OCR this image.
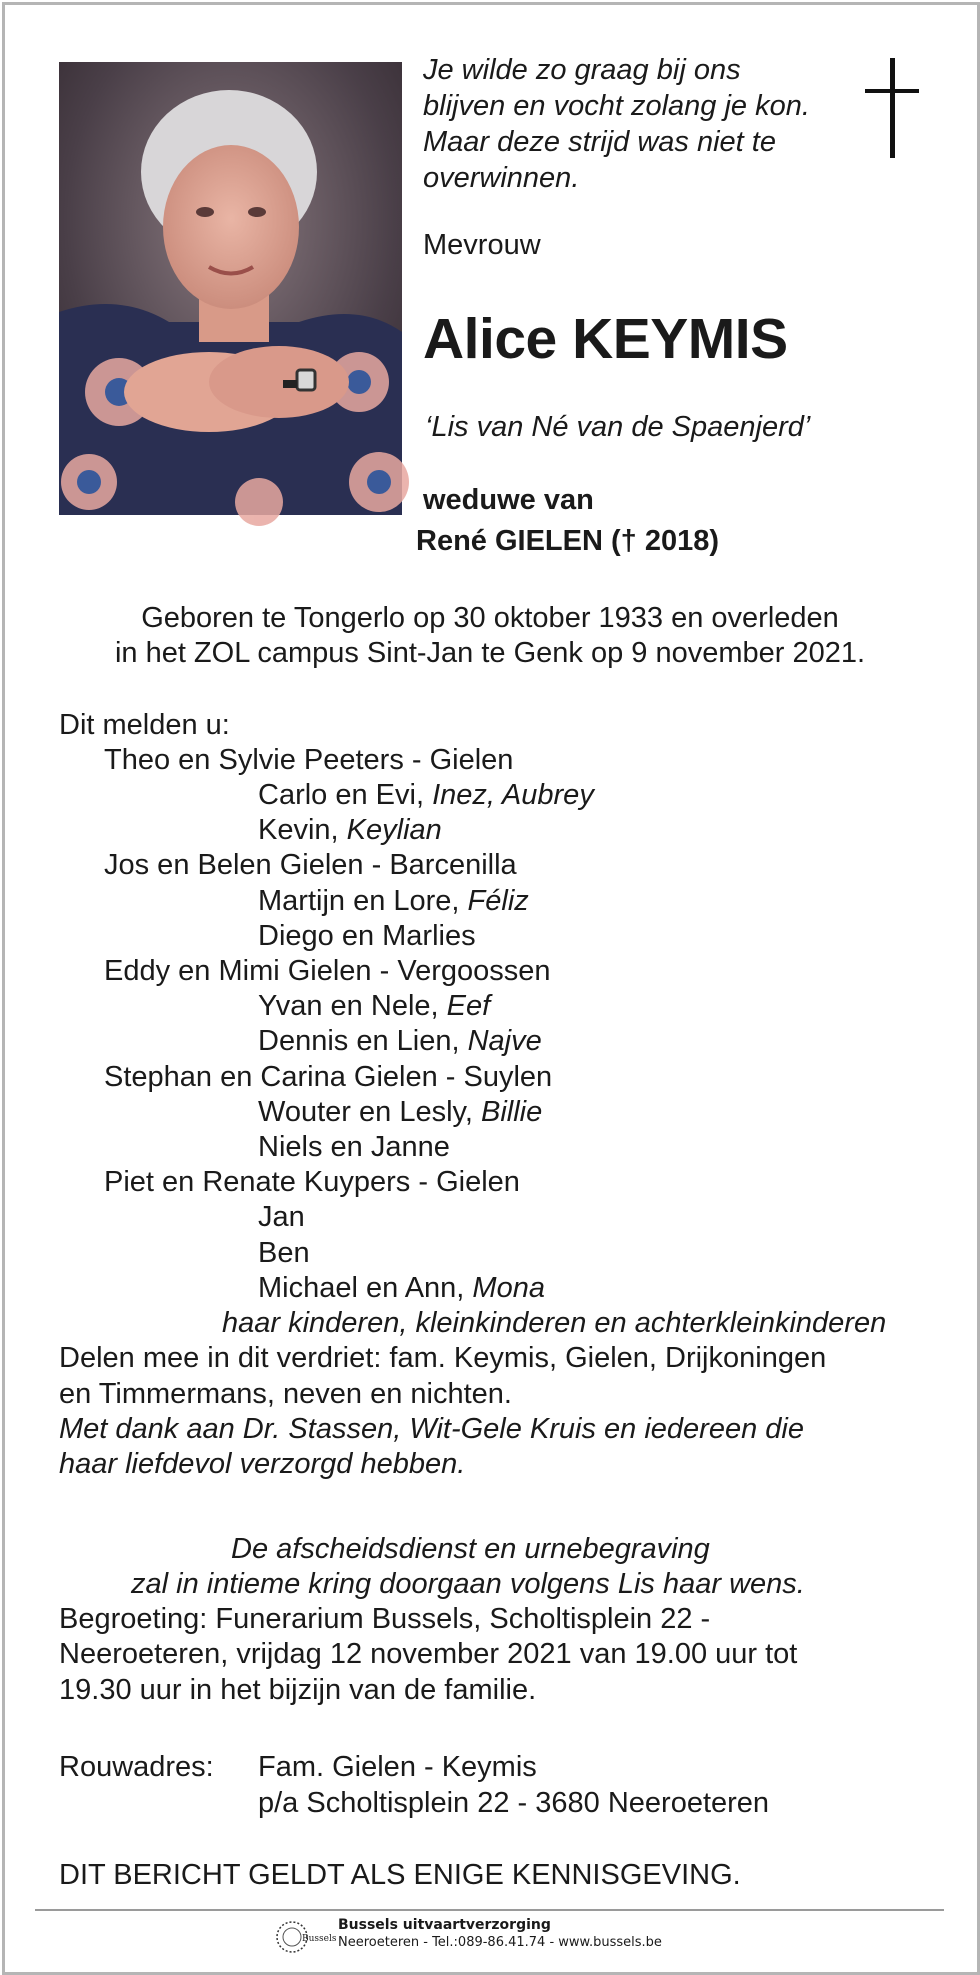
Je wilde zo graag bij ons
blijven en vocht zolang je kon.
Maar deze strijd was niet te
overwinnen.
Mevrouw
Alice KEYMIS
‘Lis van Né van de Spaenjerd’
weduwe van
René GIELEN († 2018)
Geboren te Tongerlo op 30 oktober 1933 en overleden
in het ZOL campus Sint-Jan te Genk op 9 november 2021.
Dit melden u:
Theo en Sylvie Peeters - Gielen
Carlo en Evi, Inez, Aubrey
Kevin, Keylian
Jos en Belen Gielen - Barcenilla
Martijn en Lore, Féliz
Diego en Marlies
Eddy en Mimi Gielen - Vergoossen
Yvan en Nele, Eef
Dennis en Lien, Najve
Stephan en Carina Gielen - Suylen
Wouter en Lesly, Billie
Niels en Janne
Piet en Renate Kuypers - Gielen
Jan
Ben
Michael en Ann, Mona
haar kinderen, kleinkinderen en achterkleinkinderen
Delen mee in dit verdriet: fam. Keymis, Gielen, Drijkoningen
en Timmermans, neven en nichten.
Met dank aan Dr. Stassen, Wit-Gele Kruis en iedereen die
haar liefdevol verzorgd hebben.
De afscheidsdienst en urnebegraving
zal in intieme kring doorgaan volgens Lis haar wens.
Begroeting: Funerarium Bussels, Scholtisplein 22 -
Neeroeteren, vrijdag 12 november 2021 van 19.00 uur tot
19.30 uur in het bijzijn van de familie.
Rouwadres: Fam. Gielen - Keymis
p/a Scholtisplein 22 - 3680 Neeroeteren
DIT BERICHT GELDT ALS ENIGE KENNISGEVING.
Bussels
Bussels uitvaartverzorging
Neeroeteren - Tel.:089-86.41.74 - www.bussels.be
